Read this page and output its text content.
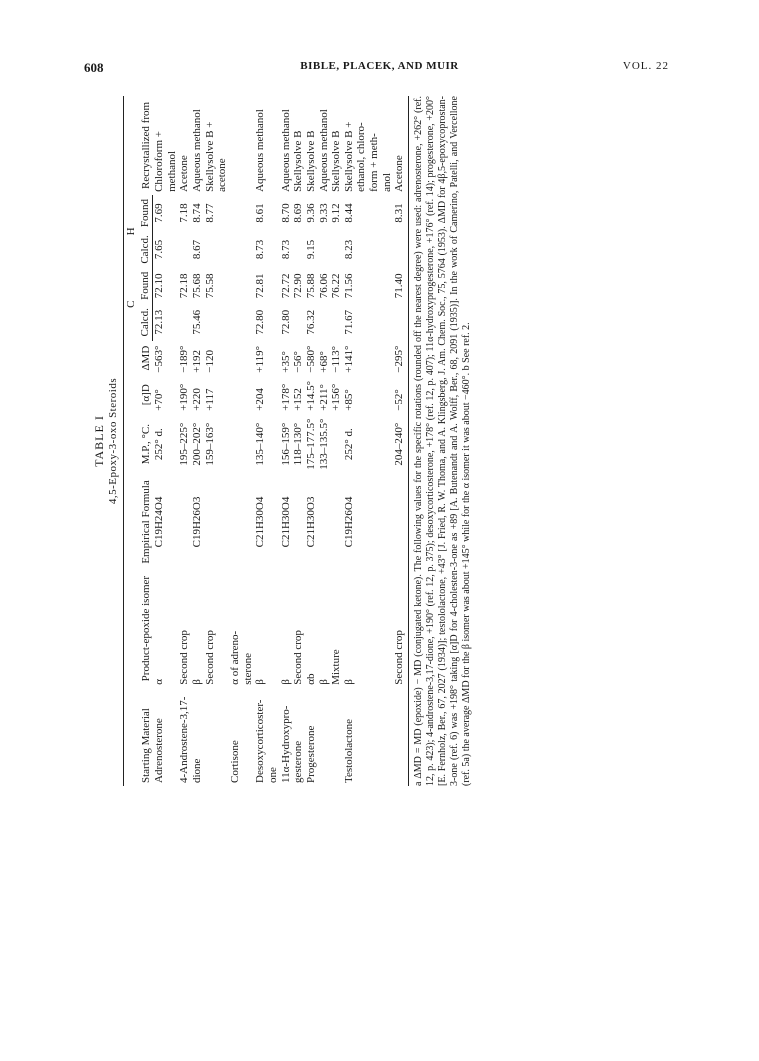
608	BIBLE, PLACEK, AND MUIR	VOL. 22
TABLE I 4,5-Epoxy-3-oxo Steroids
Starting Material	Product-epoxide isomer	Empirical Formula	M.P., °C.	[α]D	ΔMD	C		H		Recrystallized from
						Calcd.	Found	Calcd.	Found	
Adrenosterone	α	C19H24O4	252° d.	+70°	−563°	72.13	72.10	7.65	7.69	Chloroform +
										methanol
4-Androstene-3,17-	Second crop		195–225°	+190°	−189°		72.18		7.18	Acetone
dione	β	C19H26O3	200–202°	+220	+192	75.46	75.68	8.67	8.74	Aqueous methanol
	Second crop		159–163°	+117	−120		75.58		8.77	Skellysolve B +
										acetone
Cortisone	α of adreno-									
	sterone									
Desoxycorticoster-	β	C21H30O4	135–140°	+204	+119°	72.80	72.81	8.73	8.61	Aqueous methanol
one										
11α-Hydroxypro-	β	C21H30O4	156–159°	+178°	+35°	72.80	72.72	8.73	8.70	Aqueous methanol
gesterone	Second crop		118–130°	+152	−56°		72.90		8.69	Skellysolve B
Progesterone	αb	C21H30O3	175–177.5°	+14.5°	−580°	76.32	75.88	9.15	9.36	Skellysolve B
	β		133–135.5°	+211°	+68°		76.06		9.33	Aqueous methanol
	Mixture			+156°	−113°		76.22		9.12	Skellysolve B
Testololactone	β	C19H26O4	252° d.	+85°	+141°	71.67	71.56	8.23	8.44	Skellysolve B +
										ethanol, chloro-
										form + meth-
										anol
	Second crop		204–240°	−52°	−295°		71.40		8.31	Acetone a ΔMD = MD (epoxide) − MD (conjugated ketone). The following values for the specific rotations (rounded off the nearest degree) were used: adrenosterone, +262° (ref. 12, p. 423); 4-androstene-3,17-dione, +190° (ref. 12, p. 375); desoxycorticosterone, +178° (ref. 12, p. 407); 11α-hydroxyprogesterone, +176° (ref. 14); progesterone, +200° [E. Fernholz, Ber., 67, 2027 (1934)]; testololactone, +43° [J. Fried, R. W. Thoma, and A. Klingsberg, J. Am. Chem. Soc., 75, 5764 (1953). ΔMD for 4β,5-epoxycoprostan-3-one (ref. 6) was +198° taking [α]D for 4-cholesten-3-one as +89 [A. Butenandt and A. Wolff, Ber., 68, 2091 (1935)]. In the work of Camerino, Patelli, and Vercellone (ref. 5a) the average ΔMD for the β isomer was about +145° while for the α isomer it was about −460°. b See ref. 2.
